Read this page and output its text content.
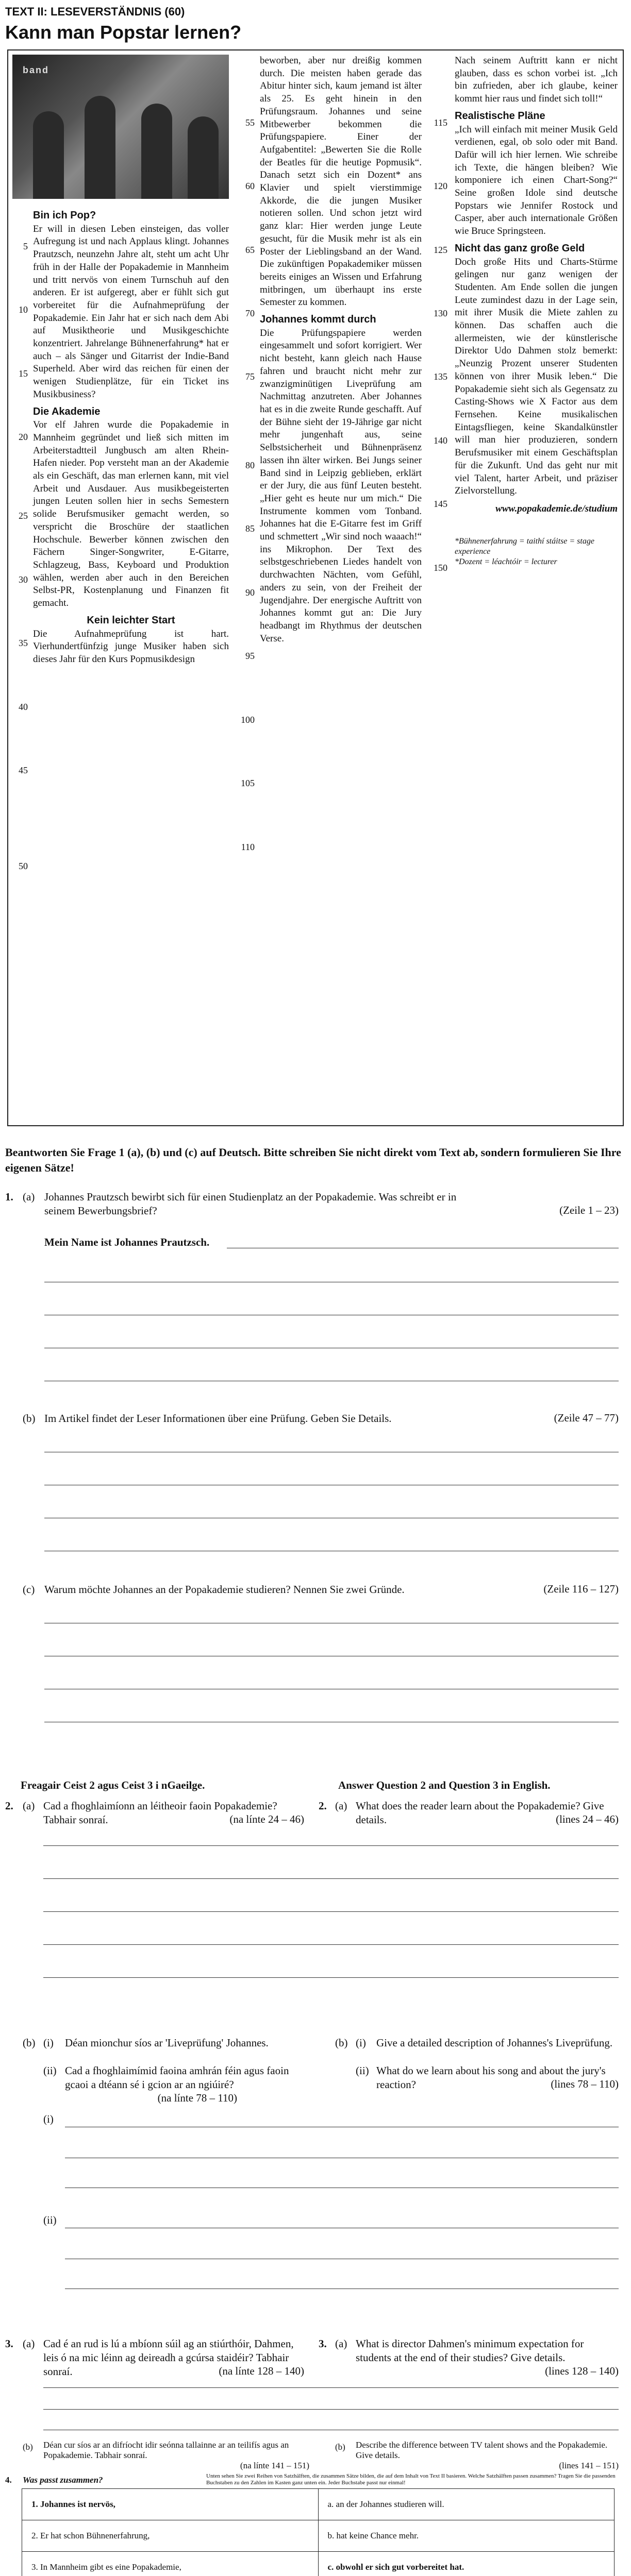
TEXT II: LESEVERSTÄNDNIS (60)
Kann man Popstar lernen?
band
Bin ich Pop?
Er will in diesen Leben einsteigen, das voller Aufregung ist und nach Applaus klingt. Johannes Prautzsch, neunzehn Jahre alt, steht um acht Uhr früh in der Halle der Popakademie in Mannheim und tritt nervös von einem Turnschuh auf den anderen. Er ist aufgeregt, aber er fühlt sich gut vorbereitet für die Aufnahmeprüfung der Popakademie. Ein Jahr hat er sich nach dem Abi auf Musiktheorie und Musikgeschichte konzentriert. Jahrelange Bühnenerfahrung* hat er auch – als Sänger und Gitarrist der Indie-Band Superheld. Aber wird das reichen für einen der wenigen Studienplätze, für ein Ticket ins Musikbusiness?
Die Akademie
Vor elf Jahren wurde die Popakademie in Mannheim gegründet und ließ sich mitten im Arbeiterstadtteil Jungbusch am alten Rhein-Hafen nieder. Pop versteht man an der Akademie als ein Geschäft, das man erlernen kann, mit viel Arbeit und Ausdauer. Aus musikbegeisterten jungen Leuten sollen hier in sechs Semestern solide Berufsmusiker gemacht werden, so verspricht die Broschüre der staatlichen Hochschule. Bewerber können zwischen den Fächern Singer-Songwriter, E-Gitarre, Schlagzeug, Bass, Keyboard und Produktion wählen, werden aber auch in den Bereichen Selbst-PR, Kostenplanung und Finanzen fit gemacht.
Kein leichter Start
Die Aufnahmeprüfung ist hart. Vierhundertfünfzig junge Musiker haben sich dieses Jahr für den Kurs Popmusikdesign
5
10
15
20
25
30
35
40
45
50
beworben, aber nur dreißig kommen durch. Die meisten haben gerade das Abitur hinter sich, kaum jemand ist älter als 25. Es geht hinein in den Prüfungsraum. Johannes und seine Mitbewerber bekommen die Prüfungspapiere. Einer der Aufgabentitel: „Bewerten Sie die Rolle der Beatles für die heutige Popmusik“. Danach setzt sich ein Dozent* ans Klavier und spielt vierstimmige Akkorde, die die jungen Musiker notieren sollen. Und schon jetzt wird ganz klar: Hier werden junge Leute gesucht, für die Musik mehr ist als ein Poster der Lieblingsband an der Wand. Die zukünftigen Popakademiker müssen bereits einiges an Wissen und Erfahrung mitbringen, um überhaupt ins erste Semester zu kommen.
Johannes kommt durch
Die Prüfungspapiere werden eingesammelt und sofort korrigiert. Wer nicht besteht, kann gleich nach Hause fahren und braucht nicht mehr zur zwanzigminütigen Liveprüfung am Nachmittag anzutreten. Aber Johannes hat es in die zweite Runde geschafft. Auf der Bühne sieht der 19-Jährige gar nicht mehr jungenhaft aus, seine Selbstsicherheit und Bühnenpräsenz lassen ihn älter wirken. Bei Jungs seiner Band sind in Leipzig geblieben, erklärt er der Jury, die aus fünf Leuten besteht. „Hier geht es heute nur um mich.“ Die Instrumente kommen vom Tonband. Johannes hat die E-Gitarre fest im Griff und schmettert „Wir sind noch waaach!“ ins Mikrophon. Der Text des selbstgeschriebenen Liedes handelt von durchwachten Nächten, vom Gefühl, anders zu sein, von der Freiheit der Jugendjahre. Der energische Auftritt von Johannes kommt gut an: Die Jury headbangt im Rhythmus der deutschen Verse.
55
60
65
70
75
80
85
90
95
100
105
110
Nach seinem Auftritt kann er nicht glauben, dass es schon vorbei ist. „Ich bin zufrieden, aber ich glaube, keiner kommt hier raus und findet sich toll!“
Realistische Pläne
„Ich will einfach mit meiner Musik Geld verdienen, egal, ob solo oder mit Band. Dafür will ich hier lernen. Wie schreibe ich Texte, die hängen bleiben? Wie komponiere ich einen Chart-Song?“ Seine großen Idole sind deutsche Popstars wie Jennifer Rostock und Casper, aber auch internationale Größen wie Bruce Springsteen.
Nicht das ganz große Geld
Doch große Hits und Charts-Stürme gelingen nur ganz wenigen der Studenten. Am Ende sollen die jungen Leute zumindest dazu in der Lage sein, mit ihrer Musik die Miete zahlen zu können. Das schaffen auch die allermeisten, wie der künstlerische Direktor Udo Dahmen stolz bemerkt: „Neunzig Prozent unserer Studenten können von ihrer Musik leben.“ Die Popakademie sieht sich als Gegensatz zu Casting-Shows wie X Factor aus dem Fernsehen. Keine musikalischen Eintagsfliegen, keine Skandalkünstler will man hier produzieren, sondern Berufsmusiker mit einem Geschäftsplan für die Zukunft. Und das geht nur mit viel Talent, harter Arbeit, und präziser Zielvorstellung.
www.popakademie.de/studium
*Bühnenerfahrung = taithí stáitse = stage experience
*Dozent = léachtóir = lecturer
115
120
125
130
135
140
145
150
Beantworten Sie Frage 1 (a), (b) und (c) auf Deutsch. Bitte schreiben Sie nicht direkt vom Text ab, sondern formulieren Sie Ihre eigenen Sätze!
1. (a) Johannes Prautzsch bewirbt sich für einen Studienplatz an der Popakademie. Was schreibt er in seinem Bewerbungsbrief?	(Zeile 1 – 23)
Mein Name ist Johannes Prautzsch.
(b) Im Artikel findet der Leser Informationen über eine Prüfung. Geben Sie Details.	(Zeile 47 – 77)
(c) Warum möchte Johannes an der Popakademie studieren? Nennen Sie zwei Gründe.	(Zeile 116 – 127)
Freagair Ceist 2 agus Ceist 3 i nGaeilge.	Answer Question 2 and Question 3 in English.
2. (a) Cad a fhoghlaimíonn an léitheoir faoin Popakademie? Tabhair sonraí.	(na línte 24 – 46)
2. (a) What does the reader learn about the Popakademie? Give details.	(lines 24 – 46)
(b) (i) Déan mionchur síos ar 'Liveprüfung' Johannes.
(ii) Cad a fhoghlaimímid faoina amhrán féin agus faoin gcaoi a dtéann sé i gcion ar an ngiúiré?
(na línte 78 – 110)
(b) (i) Give a detailed description of Johannes's Liveprüfung.
(ii) What do we learn about his song and about the jury's reaction?	(lines 78 – 110)
(i)
(ii)
3. (a) Cad é an rud is lú a mbíonn súil ag an stiúrthóir, Dahmen, leis ó na mic léinn ag deireadh a gcúrsa staidéir? Tabhair sonraí.	(na línte 128 – 140)
3. (a) What is director Dahmen's minimum expectation for students at the end of their studies? Give details.
(lines 128 – 140)
(b) Déan cur síos ar an difríocht idir seónna tallainne ar an teilifís agus an Popakademie. Tabhair sonraí.
(na línte 141 – 151)
(b) Describe the difference between TV talent shows and the Popakademie. Give details.
(lines 141 – 151)
4. Was passt zusammen?	Unten sehen Sie zwei Reihen von Satzhälften, die zusammen Sätze bilden, die auf dem Inhalt von Text II basieren. Welche Satzhälften passen zusammen? Tragen Sie die passenden Buchstaben zu den Zahlen im Kasten ganz unten ein. Jeder Buchstabe passt nur einmal!
1. Johannes ist nervös,	a. an der Johannes studieren will.
2. Er hat schon Bühnenerfahrung,	b. hat keine Chance mehr.
3. In Mannheim gibt es eine Popakademie,	c. obwohl er sich gut vorbereitet hat.
